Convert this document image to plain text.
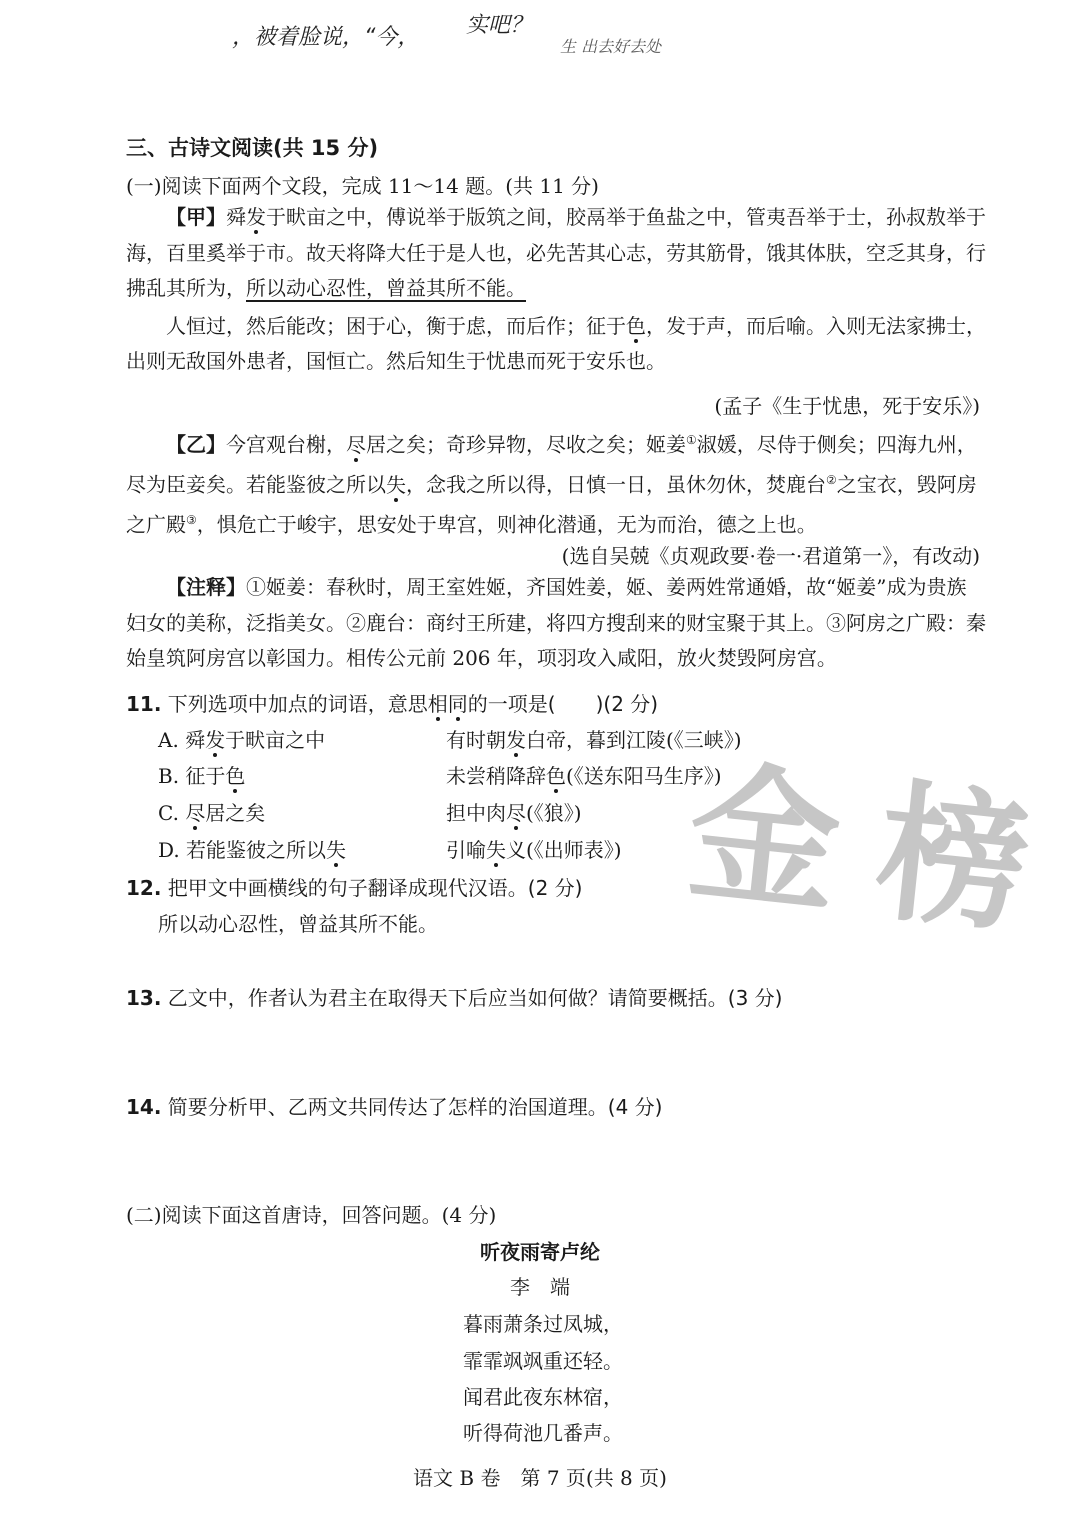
，被着脸说，“今， 实吧？
生 出去好去处
金榜
三、古诗文阅读(共 15 分)
(一)阅读下面两个文段，完成 11～14 题。(共 11 分)

【甲】舜发于畎亩之中，傅说举于版筑之间，胶鬲举于鱼盐之中，管夷吾举于士，孙叔敖举于海，百里奚举于市。故天将降大任于是人也，必先苦其心志，劳其筋骨，饿其体肤，空乏其身，行拂乱其所为，所以动心忍性，曾益其所不能。

人恒过，然后能改；困于心，衡于虑，而后作；征于色，发于声，而后喻。入则无法家拂士，出则无敌国外患者，国恒亡。然后知生于忧患而死于安乐也。

(孟子《生于忧患，死于安乐》)

【乙】今宫观台榭，尽居之矣；奇珍异物，尽收之矣；姬姜①淑媛，尽侍于侧矣；四海九州，尽为臣妾矣。若能鉴彼之所以失，念我之所以得，日慎一日，虽休勿休，焚鹿台②之宝衣，毁阿房之广殿③，惧危亡于峻宇，思安处于卑宫，则神化潜通，无为而治，德之上也。

(选自吴兢《贞观政要·卷一·君道第一》，有改动)

【注释】①姬姜：春秋时，周王室姓姬，齐国姓姜，姬、姜两姓常通婚，故“姬姜”成为贵族妇女的美称，泛指美女。②鹿台：商纣王所建，将四方搜刮来的财宝聚于其上。③阿房之广殿：秦始皇筑阿房宫以彰国力。相传公元前 206 年，项羽攻入咸阳，放火焚毁阿房宫。

11. 下列选项中加点的词语，意思相同的一项是(　　)(2 分)
A. 舜发于畎亩之中	有时朝发白帝，暮到江陵(《三峡》)
B. 征于色	未尝稍降辞色(《送东阳马生序》)
C. 尽居之矣	担中肉尽(《狼》)
D. 若能鉴彼之所以失	引喻失义(《出师表》)
12. 把甲文中画横线的句子翻译成现代汉语。(2 分)
所以动心忍性，曾益其所不能。
13. 乙文中，作者认为君主在取得天下后应当如何做？请简要概括。(3 分)
14. 简要分析甲、乙两文共同传达了怎样的治国道理。(4 分)
(二)阅读下面这首唐诗，回答问题。(4 分)
听夜雨寄卢纶
李　端
暮雨萧条过凤城，
霏霏飒飒重还轻。
闻君此夜东林宿，
听得荷池几番声。
语文 B 卷　第 7 页(共 8 页)
